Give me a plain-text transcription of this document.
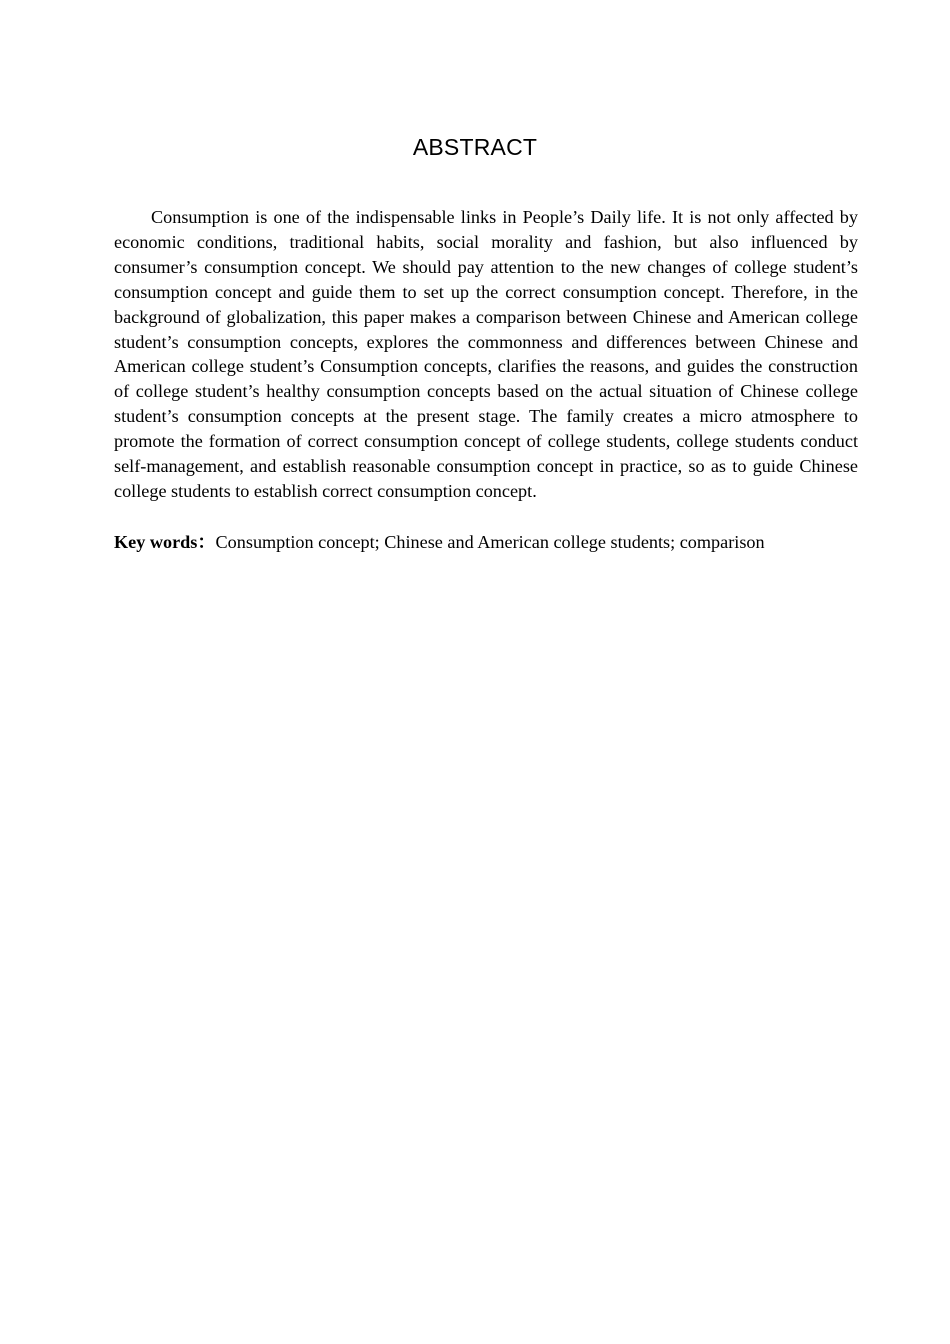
ABSTRACT

Consumption is one of the indispensable links in People’s Daily life. It is not only affected by economic conditions, traditional habits, social morality and fashion, but also influenced by consumer’s consumption concept. We should pay attention to the new changes of college student’s consumption concept and guide them to set up the correct consumption concept. Therefore, in the background of globalization, this paper makes a comparison between Chinese and American college student’s consumption concepts, explores the commonness and differences between Chinese and American college student’s Consumption concepts, clarifies the reasons, and guides the construction of college student’s healthy consumption concepts based on the actual situation of Chinese college student’s consumption concepts at the present stage. The family creates a micro atmosphere to promote the formation of correct consumption concept of college students, college students conduct self-management, and establish reasonable consumption concept in practice, so as to guide Chinese college students to establish correct consumption concept.

Key words：Consumption concept; Chinese and American college students; comparison
